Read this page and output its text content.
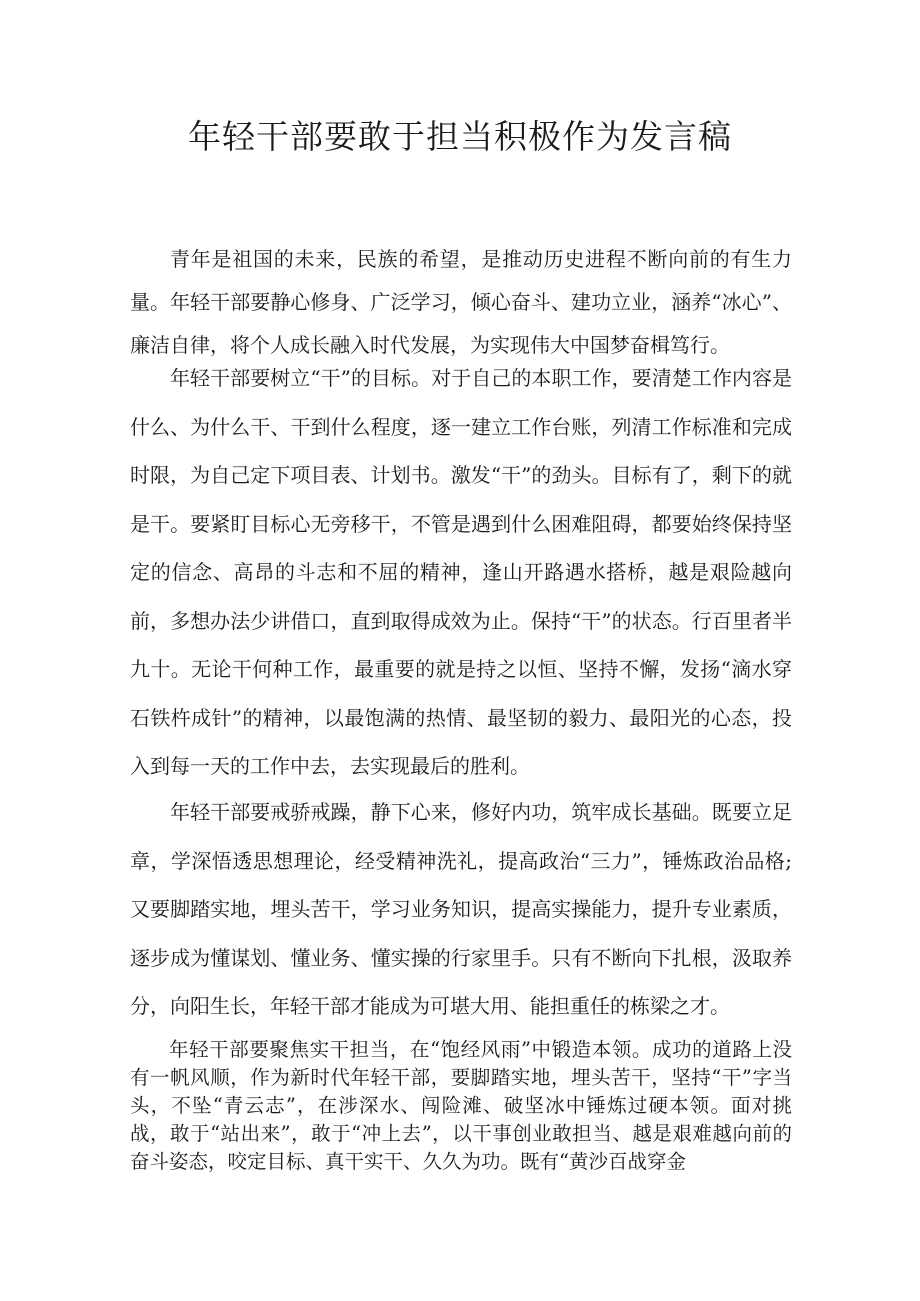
年轻干部要敢于担当积极作为发言稿

青年是祖国的未来，民族的希望，是推动历史进程不断向前的有生力量。年轻干部要静心修身、广泛学习，倾心奋斗、建功立业，涵养“冰心”、廉洁自律，将个人成长融入时代发展，为实现伟大中国梦奋楫笃行。

年轻干部要树立“干”的目标。对于自己的本职工作，要清楚工作内容是什么、为什么干、干到什么程度，逐一建立工作台账，列清工作标准和完成时限，为自己定下项目表、计划书。激发“干”的劲头。目标有了，剩下的就是干。要紧盯目标心无旁移干，不管是遇到什么困难阻碍，都要始终保持坚定的信念、高昂的斗志和不屈的精神，逢山开路遇水搭桥，越是艰险越向前，多想办法少讲借口，直到取得成效为止。保持“干”的状态。行百里者半九十。无论干何种工作，最重要的就是持之以恒、坚持不懈，发扬“滴水穿石铁杵成针”的精神，以最饱满的热情、最坚韧的毅力、最阳光的心态，投入到每一天的工作中去，去实现最后的胜利。

年轻干部要戒骄戒躁，静下心来，修好内功，筑牢成长基础。既要立足章，学深悟透思想理论，经受精神洗礼，提高政治“三力”，锤炼政治品格;又要脚踏实地，埋头苦干，学习业务知识，提高实操能力，提升专业素质，逐步成为懂谋划、懂业务、懂实操的行家里手。只有不断向下扎根，汲取养分，向阳生长，年轻干部才能成为可堪大用、能担重任的栋梁之才。

年轻干部要聚焦实干担当，在“饱经风雨”中锻造本领。成功的道路上没有一帆风顺，作为新时代年轻干部，要脚踏实地，埋头苦干，坚持“干”字当头，不坠“青云志”，在涉深水、闯险滩、破坚冰中锤炼过硬本领。面对挑战，敢于“站出来”，敢于“冲上去”，以干事创业敢担当、越是艰难越向前的奋斗姿态，咬定目标、真干实干、久久为功。既有“黄沙百战穿金
